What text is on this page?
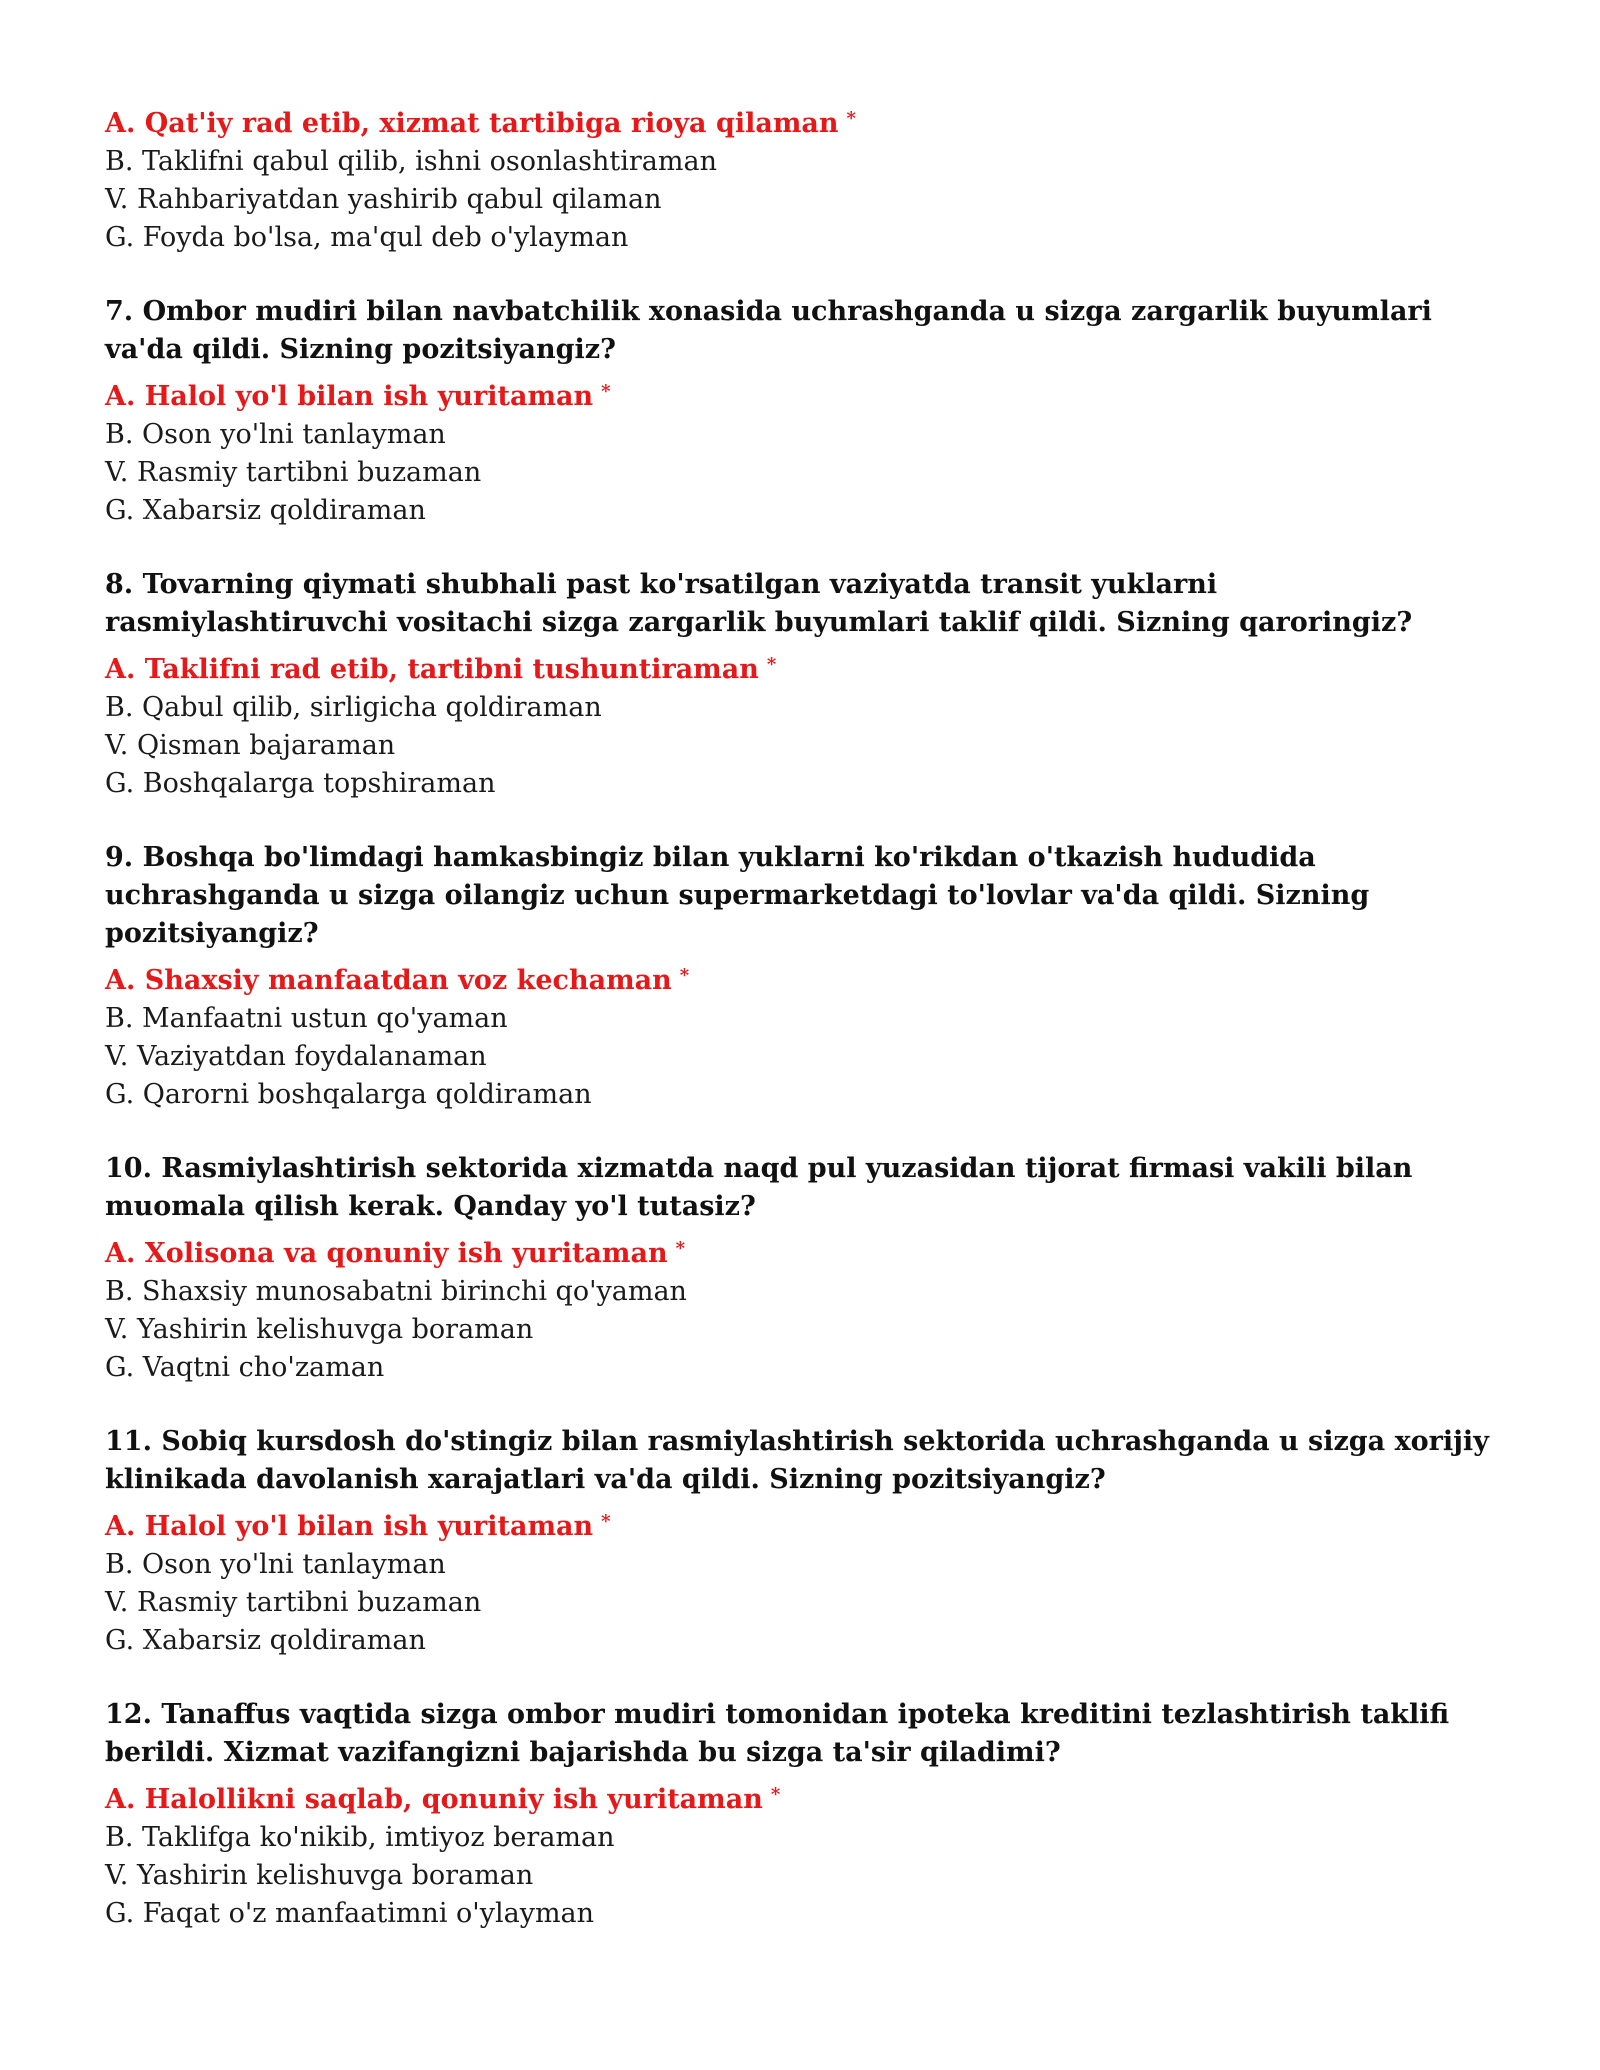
A. Qat'iy rad etib, xizmat tartibiga rioya qilaman *
B. Taklifni qabul qilib, ishni osonlashtiraman
V. Rahbariyatdan yashirib qabul qilaman
G. Foyda bo'lsa, ma'qul deb o'ylayman
7. Ombor mudiri bilan navbatchilik xonasida uchrashganda u sizga zargarlik buyumlari va'da qildi. Sizning pozitsiyangiz?
A. Halol yo'l bilan ish yuritaman *
B. Oson yo'lni tanlayman
V. Rasmiy tartibni buzaman
G. Xabarsiz qoldiraman
8. Tovarning qiymati shubhali past ko'rsatilgan vaziyatda transit yuklarni rasmiylashtiruvchi vositachi sizga zargarlik buyumlari taklif qildi. Sizning qaroringiz?
A. Taklifni rad etib, tartibni tushuntiraman *
B. Qabul qilib, sirligicha qoldiraman
V. Qisman bajaraman
G. Boshqalarga topshiraman
9. Boshqa bo'limdagi hamkasbingiz bilan yuklarni ko'rikdan o'tkazish hududida uchrashganda u sizga oilangiz uchun supermarketdagi to'lovlar va'da qildi. Sizning pozitsiyangiz?
A. Shaxsiy manfaatdan voz kechaman *
B. Manfaatni ustun qo'yaman
V. Vaziyatdan foydalanaman
G. Qarorni boshqalarga qoldiraman
10. Rasmiylashtirish sektorida xizmatda naqd pul yuzasidan tijorat firmasi vakili bilan muomala qilish kerak. Qanday yo'l tutasiz?
A. Xolisona va qonuniy ish yuritaman *
B. Shaxsiy munosabatni birinchi qo'yaman
V. Yashirin kelishuvga boraman
G. Vaqtni cho'zaman
11. Sobiq kursdosh do'stingiz bilan rasmiylashtirish sektorida uchrashganda u sizga xorijiy klinikada davolanish xarajatlari va'da qildi. Sizning pozitsiyangiz?
A. Halol yo'l bilan ish yuritaman *
B. Oson yo'lni tanlayman
V. Rasmiy tartibni buzaman
G. Xabarsiz qoldiraman
12. Tanaffus vaqtida sizga ombor mudiri tomonidan ipoteka kreditini tezlashtirish taklifi berildi. Xizmat vazifangizni bajarishda bu sizga ta'sir qiladimi?
A. Halollikni saqlab, qonuniy ish yuritaman *
B. Taklifga ko'nikib, imtiyoz beraman
V. Yashirin kelishuvga boraman
G. Faqat o'z manfaatimni o'ylayman
